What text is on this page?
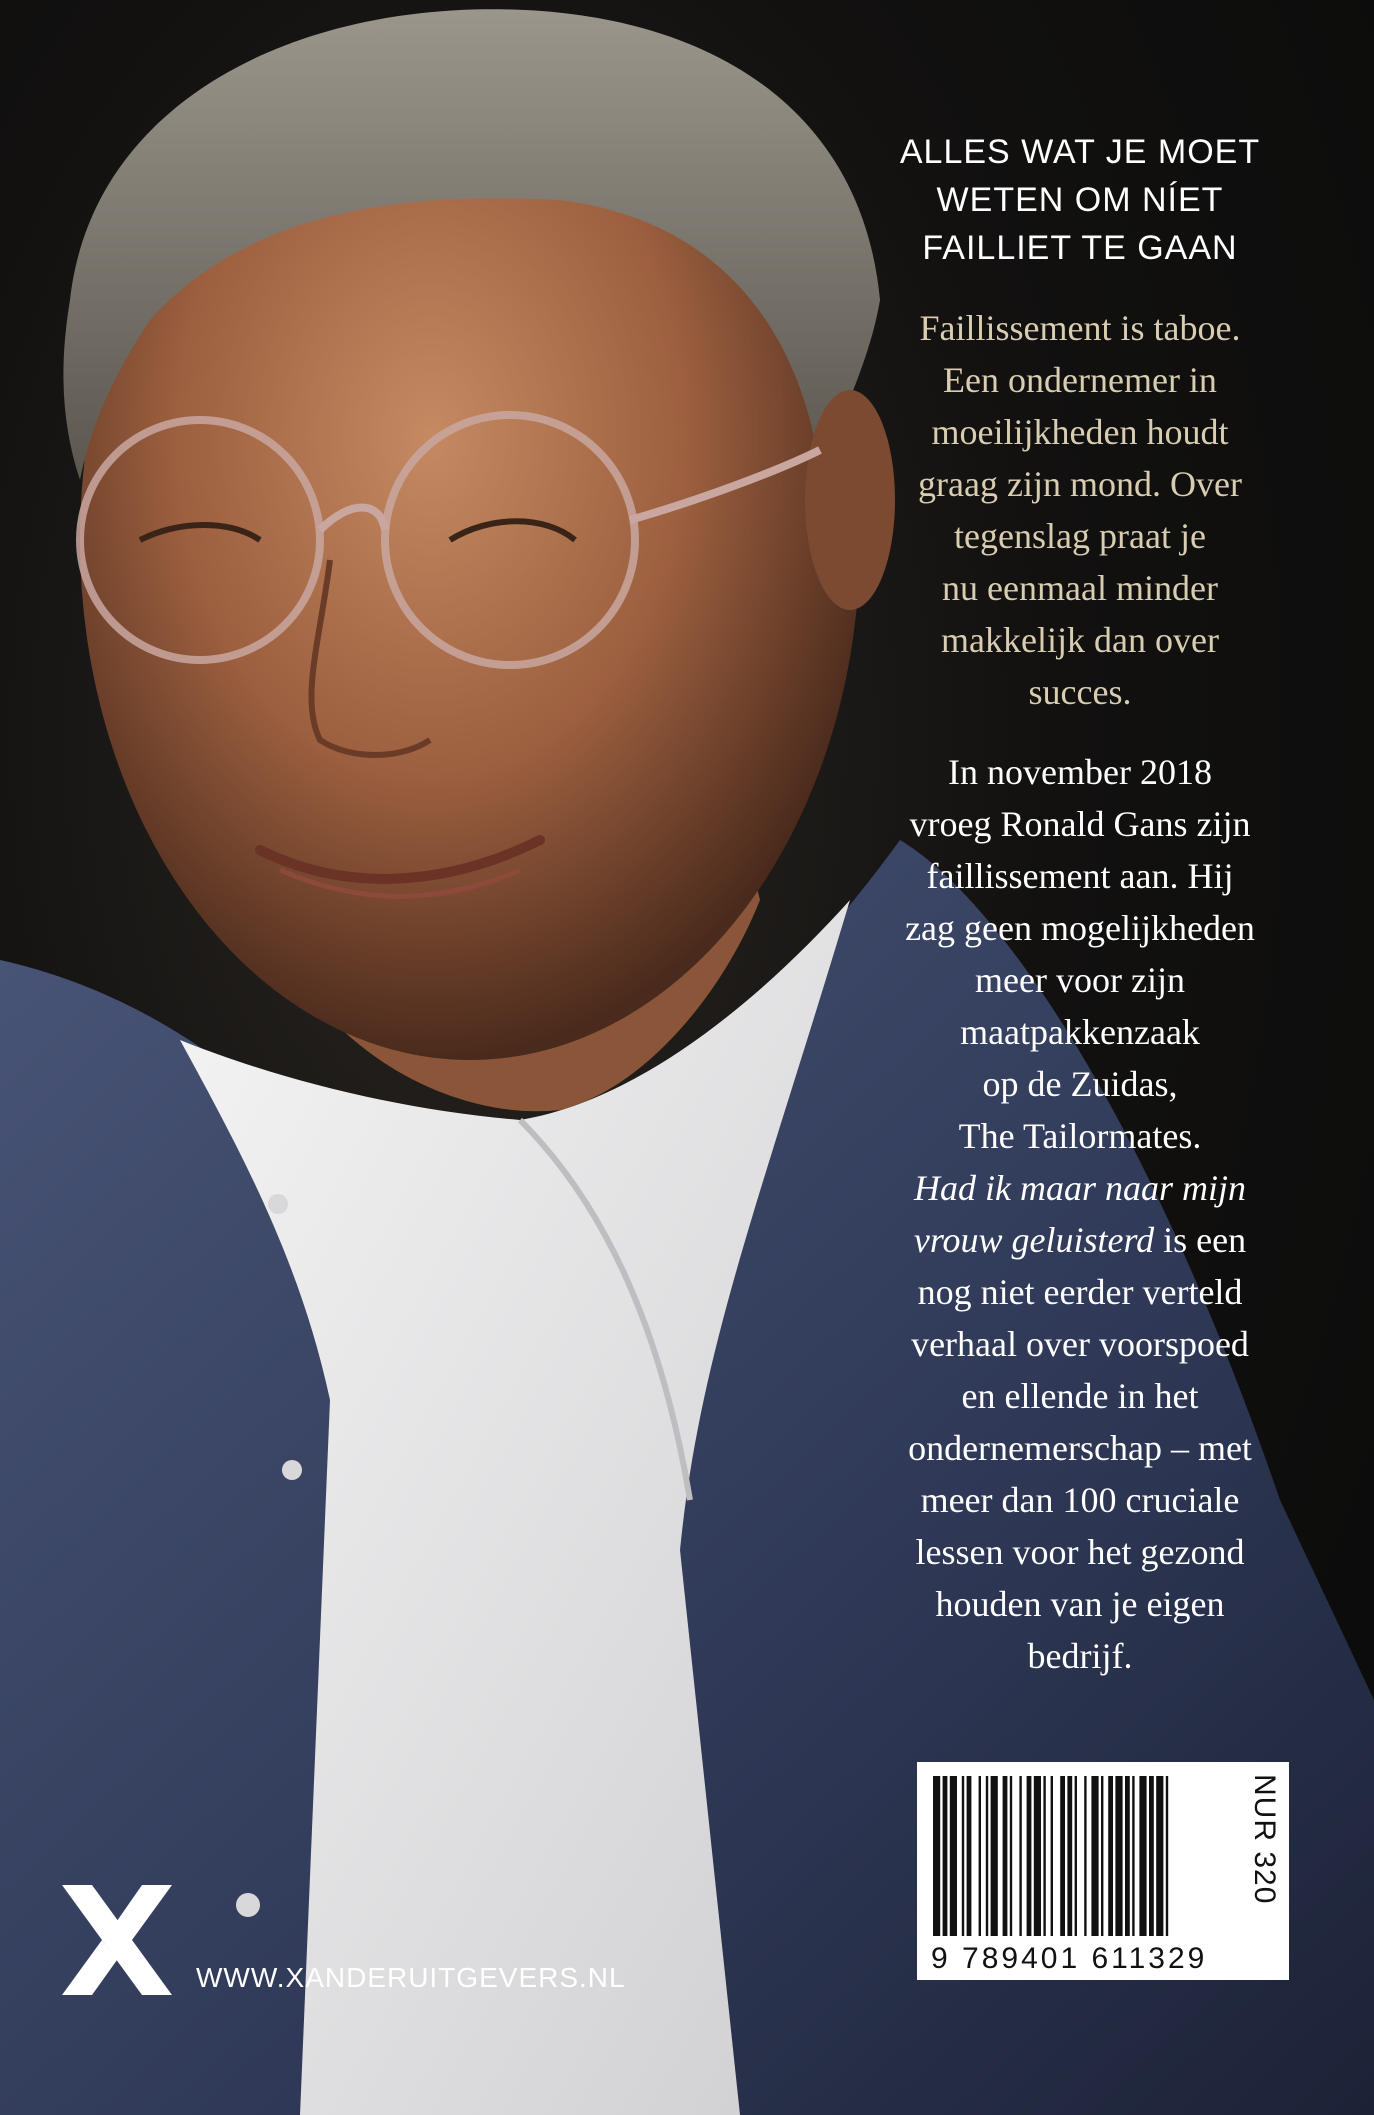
ALLES WAT JE MOET
WETEN OM NÍET
FAILLIET TE GAAN
Faillissement is taboe.
Een ondernemer in
moeilijkheden houdt
graag zijn mond. Over
tegenslag praat je
nu eenmaal minder
makkelijk dan over
succes.
In november 2018
vroeg Ronald Gans zijn
faillissement aan. Hij
zag geen mogelijkheden
meer voor zijn
maatpakkenzaak
op de Zuidas,
The Tailormates.
Had ik maar naar mijn
vrouw geluisterd is een
nog niet eerder verteld
verhaal over voorspoed
en ellende in het
ondernemerschap – met
meer dan 100 cruciale
lessen voor het gezond
houden van je eigen
bedrijf.
NUR 320
9 789401 611329
WWW.XANDERUITGEVERS.NL
